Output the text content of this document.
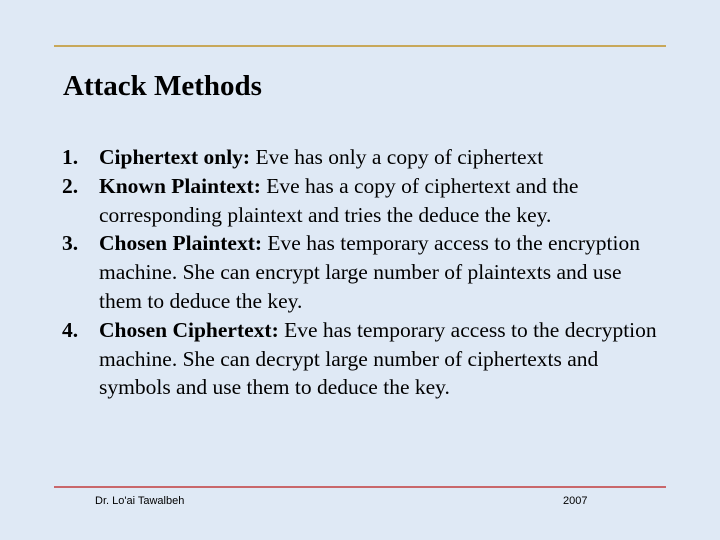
Attack Methods
1. Ciphertext only: Eve has only a copy of ciphertext
2. Known Plaintext: Eve has a copy of ciphertext and the corresponding plaintext and tries the deduce the key.
3. Chosen Plaintext: Eve has temporary access to the encryption machine. She can encrypt large number of plaintexts and use them to deduce the key.
4. Chosen Ciphertext: Eve has temporary access to the decryption machine. She can decrypt large number of ciphertexts and symbols and use them to deduce the key.
Dr. Lo'ai Tawalbeh	2007
